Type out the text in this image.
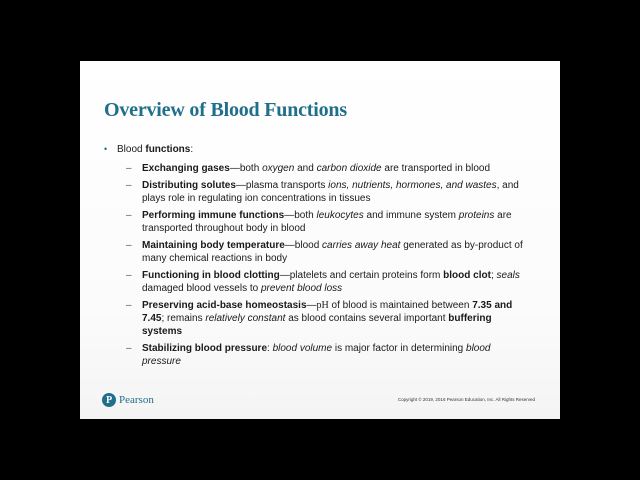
Overview of Blood Functions
• Blood functions:
– Exchanging gases—both oxygen and carbon dioxide are transported in blood
– Distributing solutes—plasma transports ions, nutrients, hormones, and wastes, and plays role in regulating ion concentrations in tissues
– Performing immune functions—both leukocytes and immune system proteins are transported throughout body in blood
– Maintaining body temperature—blood carries away heat generated as by-product of many chemical reactions in body
– Functioning in blood clotting—platelets and certain proteins form blood clot; seals damaged blood vessels to prevent blood loss
– Preserving acid-base homeostasis—pH of blood is maintained between 7.35 and 7.45; remains relatively constant as blood contains several important buffering systems
– Stabilizing blood pressure: blood volume is major factor in determining blood pressure
P Pearson	Copyright © 2019, 2016 Pearson Education, Inc. All Rights Reserved
